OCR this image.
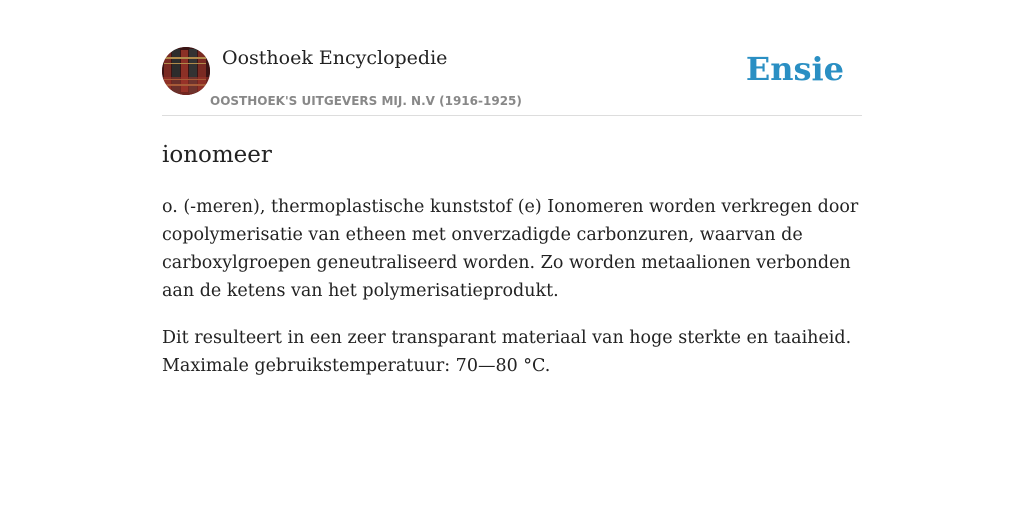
Oosthoek Encyclopedie
OOSTHOEK'S UITGEVERS MIJ. N.V (1916-1925)
Ensie
ionomeer

o. (-meren), thermoplastische kunststof (e) Ionomeren worden verkregen door copolymerisatie van etheen met onverzadigde carbonzuren, waarvan de carboxylgroepen geneutraliseerd worden. Zo worden metaalionen verbonden aan de ketens van het polymerisatieprodukt.

Dit resulteert in een zeer transparant materiaal van hoge sterkte en taaiheid. Maximale gebruikstemperatuur: 70—80 °C.
